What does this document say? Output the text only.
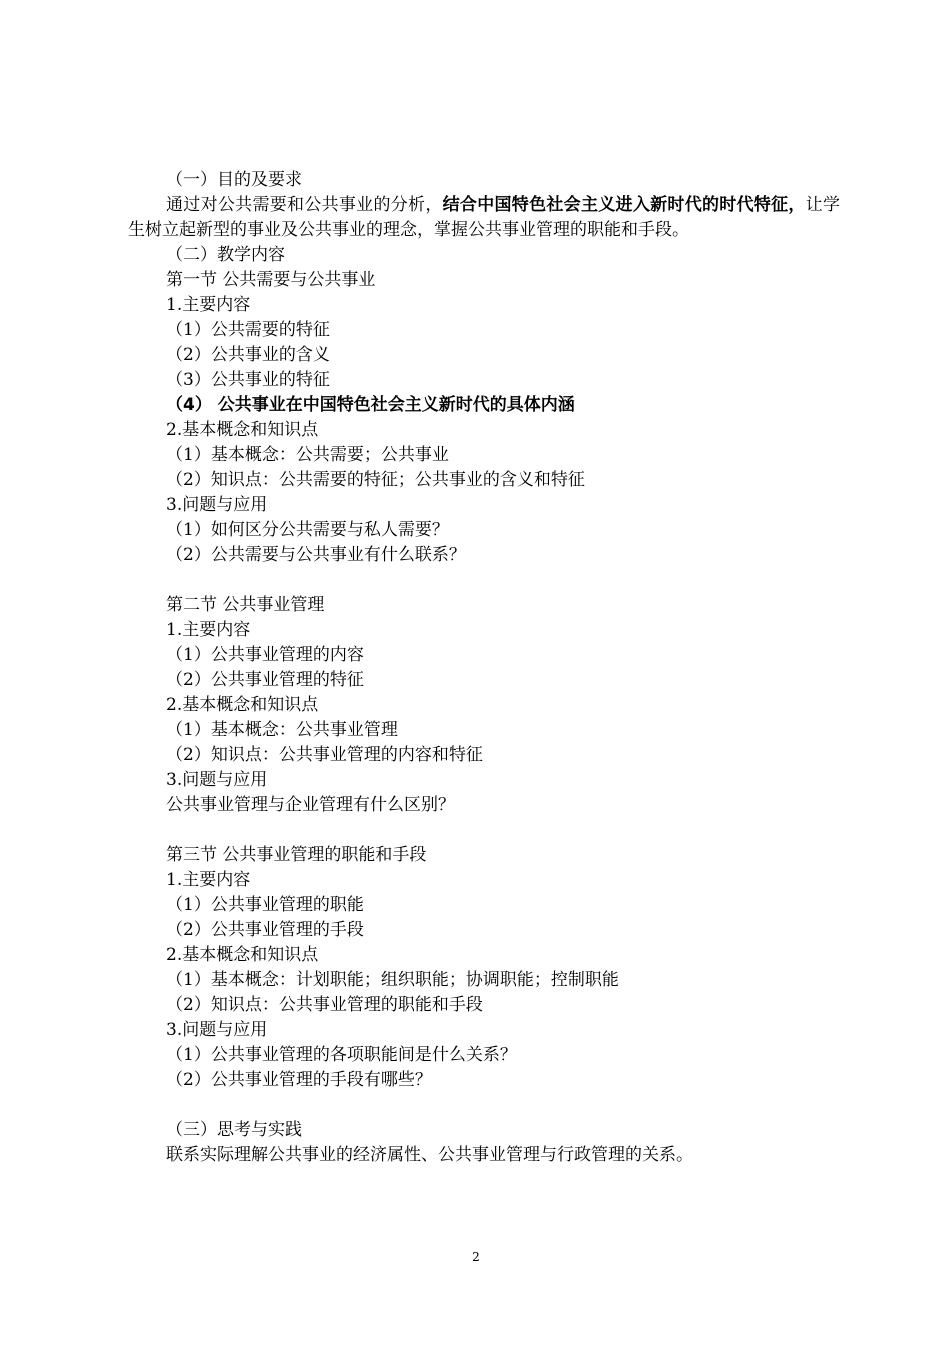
（一）目的及要求
通过对公共需要和公共事业的分析，结合中国特色社会主义进入新时代的时代特征，让学生树立起新型的事业及公共事业的理念，掌握公共事业管理的职能和手段。
（二）教学内容
第一节 公共需要与公共事业
1.主要内容
（1）公共需要的特征
（2）公共事业的含义
（3）公共事业的特征
（4） 公共事业在中国特色社会主义新时代的具体内涵
2.基本概念和知识点
（1）基本概念：公共需要；公共事业
（2）知识点：公共需要的特征；公共事业的含义和特征
3.问题与应用
（1）如何区分公共需要与私人需要？
（2）公共需要与公共事业有什么联系？
第二节 公共事业管理
1.主要内容
（1）公共事业管理的内容
（2）公共事业管理的特征
2.基本概念和知识点
（1）基本概念：公共事业管理
（2）知识点：公共事业管理的内容和特征
3.问题与应用
公共事业管理与企业管理有什么区别？
第三节 公共事业管理的职能和手段
1.主要内容
（1）公共事业管理的职能
（2）公共事业管理的手段
2.基本概念和知识点
（1）基本概念：计划职能；组织职能；协调职能；控制职能
（2）知识点：公共事业管理的职能和手段
3.问题与应用
（1）公共事业管理的各项职能间是什么关系？
（2）公共事业管理的手段有哪些？
（三）思考与实践
联系实际理解公共事业的经济属性、公共事业管理与行政管理的关系。
2
